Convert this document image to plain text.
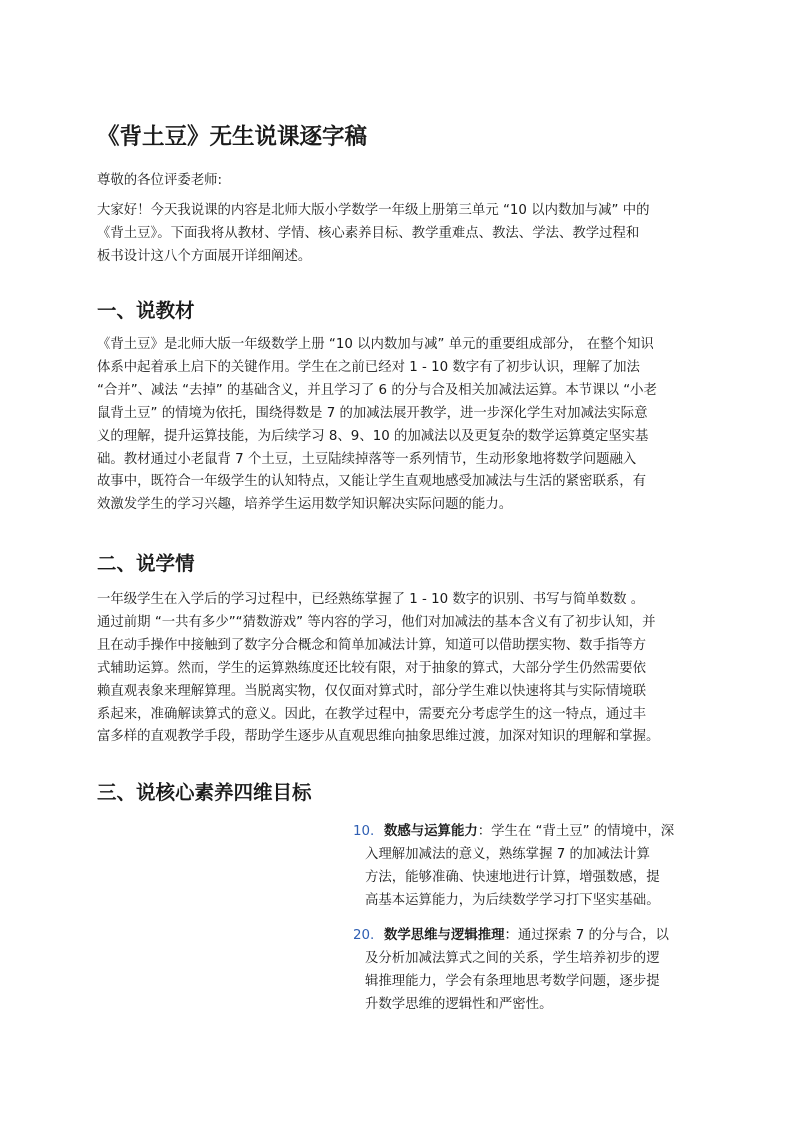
《背土豆》无生说课逐字稿

尊敬的各位评委老师:

大家好！今天我说课的内容是北师大版小学数学一年级上册第三单元 “10 以内数加与减” 中的
《背土豆》。下面我将从教材、学情、核心素养目标、教学重难点、教法、学法、教学过程和
板书设计这八个方面展开详细阐述。

一、说教材

《背土豆》是北师大版一年级数学上册 “10 以内数加与减” 单元的重要组成部分， 在整个知识
体系中起着承上启下的关键作用。学生在之前已经对 1 - 10 数字有了初步认识，理解了加法
“合并”、减法 “去掉” 的基础含义，并且学习了 6 的分与合及相关加减法运算。本节课以 “小老
鼠背土豆” 的情境为依托，围绕得数是 7 的加减法展开教学，进一步深化学生对加减法实际意
义的理解，提升运算技能，为后续学习 8、9、10 的加减法以及更复杂的数学运算奠定坚实基
础。教材通过小老鼠背 7 个土豆，土豆陆续掉落等一系列情节，生动形象地将数学问题融入
故事中，既符合一年级学生的认知特点，又能让学生直观地感受加减法与生活的紧密联系，有
效激发学生的学习兴趣，培养学生运用数学知识解决实际问题的能力。

二、说学情

一年级学生在入学后的学习过程中，已经熟练掌握了 1 - 10 数字的识别、书写与简单数数 。
通过前期 “一共有多少”“猜数游戏” 等内容的学习，他们对加减法的基本含义有了初步认知，并
且在动手操作中接触到了数字分合概念和简单加减法计算，知道可以借助摆实物、数手指等方
式辅助运算。然而，学生的运算熟练度还比较有限，对于抽象的算式，大部分学生仍然需要依
赖直观表象来理解算理。当脱离实物，仅仅面对算式时，部分学生难以快速将其与实际情境联
系起来，准确解读算式的意义。因此，在教学过程中，需要充分考虑学生的这一特点，通过丰
富多样的直观教学手段，帮助学生逐步从直观思维向抽象思维过渡，加深对知识的理解和掌握。

三、说核心素养四维目标
10. 数感与运算能力：学生在 “背土豆” 的情境中，深
入理解加减法的意义，熟练掌握 7 的加减法计算
方法，能够准确、快速地进行计算，增强数感，提
高基本运算能力，为后续数学学习打下坚实基础。
20. 数学思维与逻辑推理：通过探索 7 的分与合，以
及分析加减法算式之间的关系，学生培养初步的逻
辑推理能力，学会有条理地思考数学问题，逐步提
升数学思维的逻辑性和严密性。
